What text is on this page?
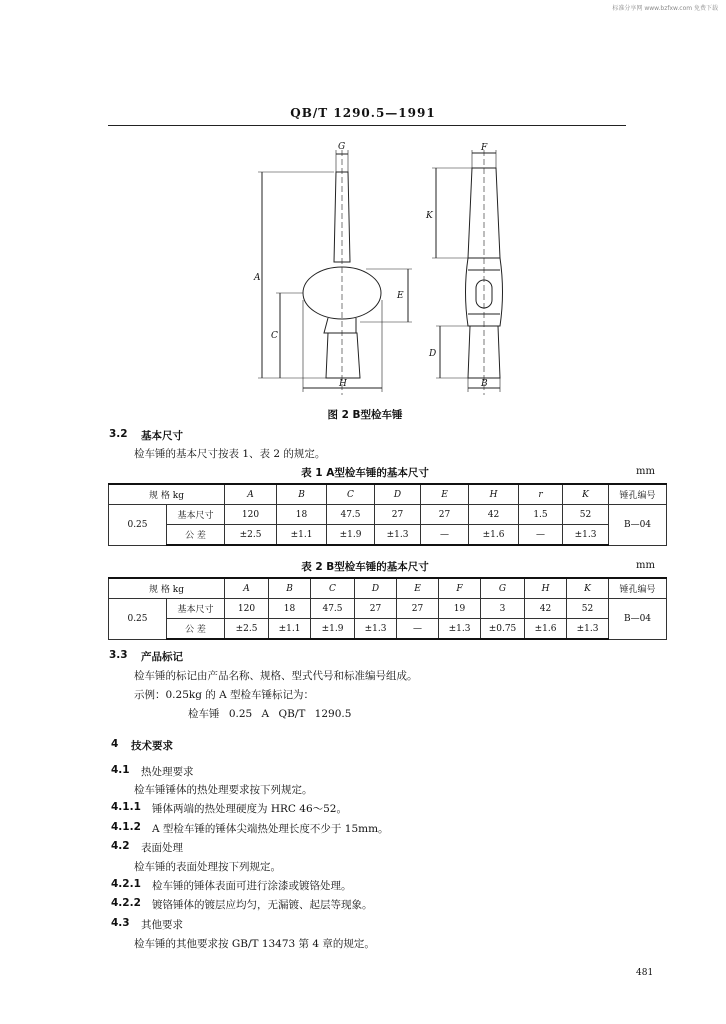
标准分享网 www.bzfxw.com 免费下载
QB/T 1290.5—1991
G
A
E
C
H
F
K
D
B
图 2 B型检车锤
3.2 基本尺寸
检车锤的基本尺寸按表 1、表 2 的规定。
表 1 A型检车锤的基本尺寸	mm
规 格 kg		A	B	C	D	E	H	r	K	锤孔编号
0.25	基本尺寸	120	18	47.5	27	27	42	1.5	52	B—04
	公 差	±2.5	±1.1	±1.9	±1.3	—	±1.6	—	±1.3	
表 2 B型检车锤的基本尺寸	mm
规 格 kg		A	B	C	D	E	F	G	H	K	锤孔编号
0.25	基本尺寸	120	18	47.5	27	27	19	3	42	52	B—04
	公 差	±2.5	±1.1	±1.9	±1.3	—	±1.3	±0.75	±1.6	±1.3	
3.3 产品标记
检车锤的标记由产品名称、规格、型式代号和标准编号组成。
示例：0.25kg 的 A 型检车锤标记为：
检车锤 0.25 A QB/T 1290.5
4 技术要求
4.1 热处理要求
检车锤锤体的热处理要求按下列规定。
4.1.1 锤体两端的热处理硬度为 HRC 46～52。
4.1.2 A 型检车锤的锤体尖端热处理长度不少于 15mm。
4.2 表面处理
检车锤的表面处理按下列规定。
4.2.1 检车锤的锤体表面可进行涂漆或镀铬处理。
4.2.2 镀铬锤体的镀层应均匀，无漏镀、起层等现象。
4.3 其他要求
检车锤的其他要求按 GB/T 13473 第 4 章的规定。
481
